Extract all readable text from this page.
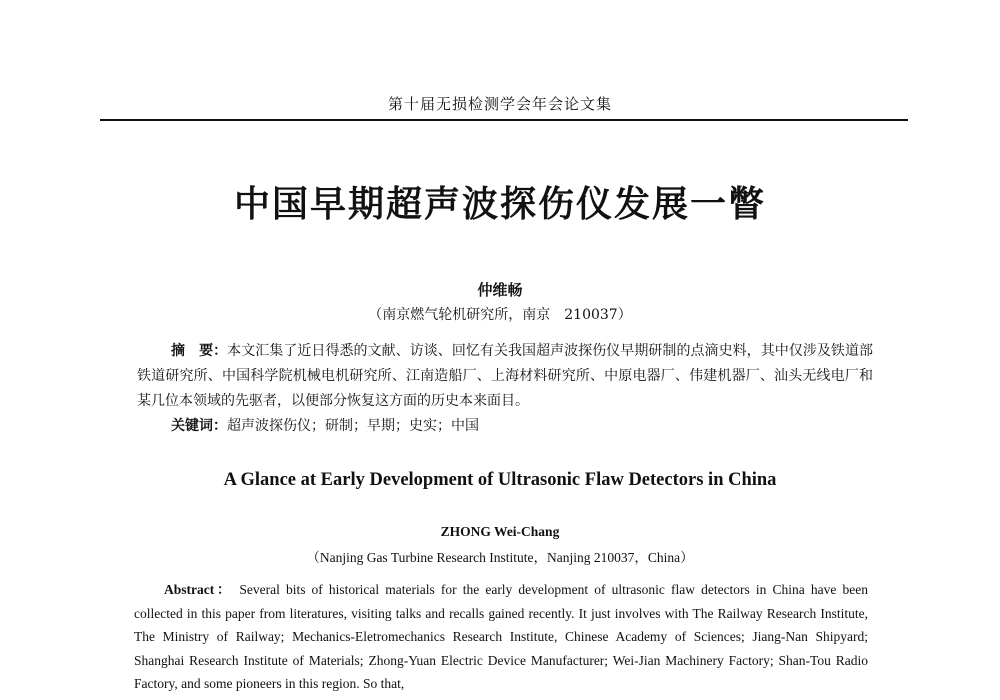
第十届无损检测学会年会论文集
中国早期超声波探伤仪发展一瞥
仲维畅
（南京燃气轮机研究所，南京　210037）
摘　要：本文汇集了近日得悉的文献、访谈、回忆有关我国超声波探伤仪早期研制的点滴史料，其中仅涉及铁道部铁道研究所、中国科学院机械电机研究所、江南造船厂、上海材料研究所、中原电器厂、伟建机器厂、汕头无线电厂和某几位本领域的先驱者，以便部分恢复这方面的历史本来面目。
关键词：超声波探伤仪；研制；早期；史实；中国
A Glance at Early Development of Ultrasonic Flaw Detectors in China
ZHONG Wei-Chang
（Nanjing Gas Turbine Research Institute，Nanjing 210037，China）
Abstract： Several bits of historical materials for the early development of ultrasonic flaw detectors in China have been collected in this paper from literatures, visiting talks and recalls gained recently. It just involves with The Railway Research Institute, The Ministry of Railway; Mechanics-Eletromechanics Research Institute, Chinese Academy of Sciences; Jiang-Nan Shipyard; Shanghai Research Institute of Materials; Zhong-Yuan Electric Device Manufacturer; Wei-Jian Machinery Factory; Shan-Tou Radio Factory, and some pioneers in this region. So that,
